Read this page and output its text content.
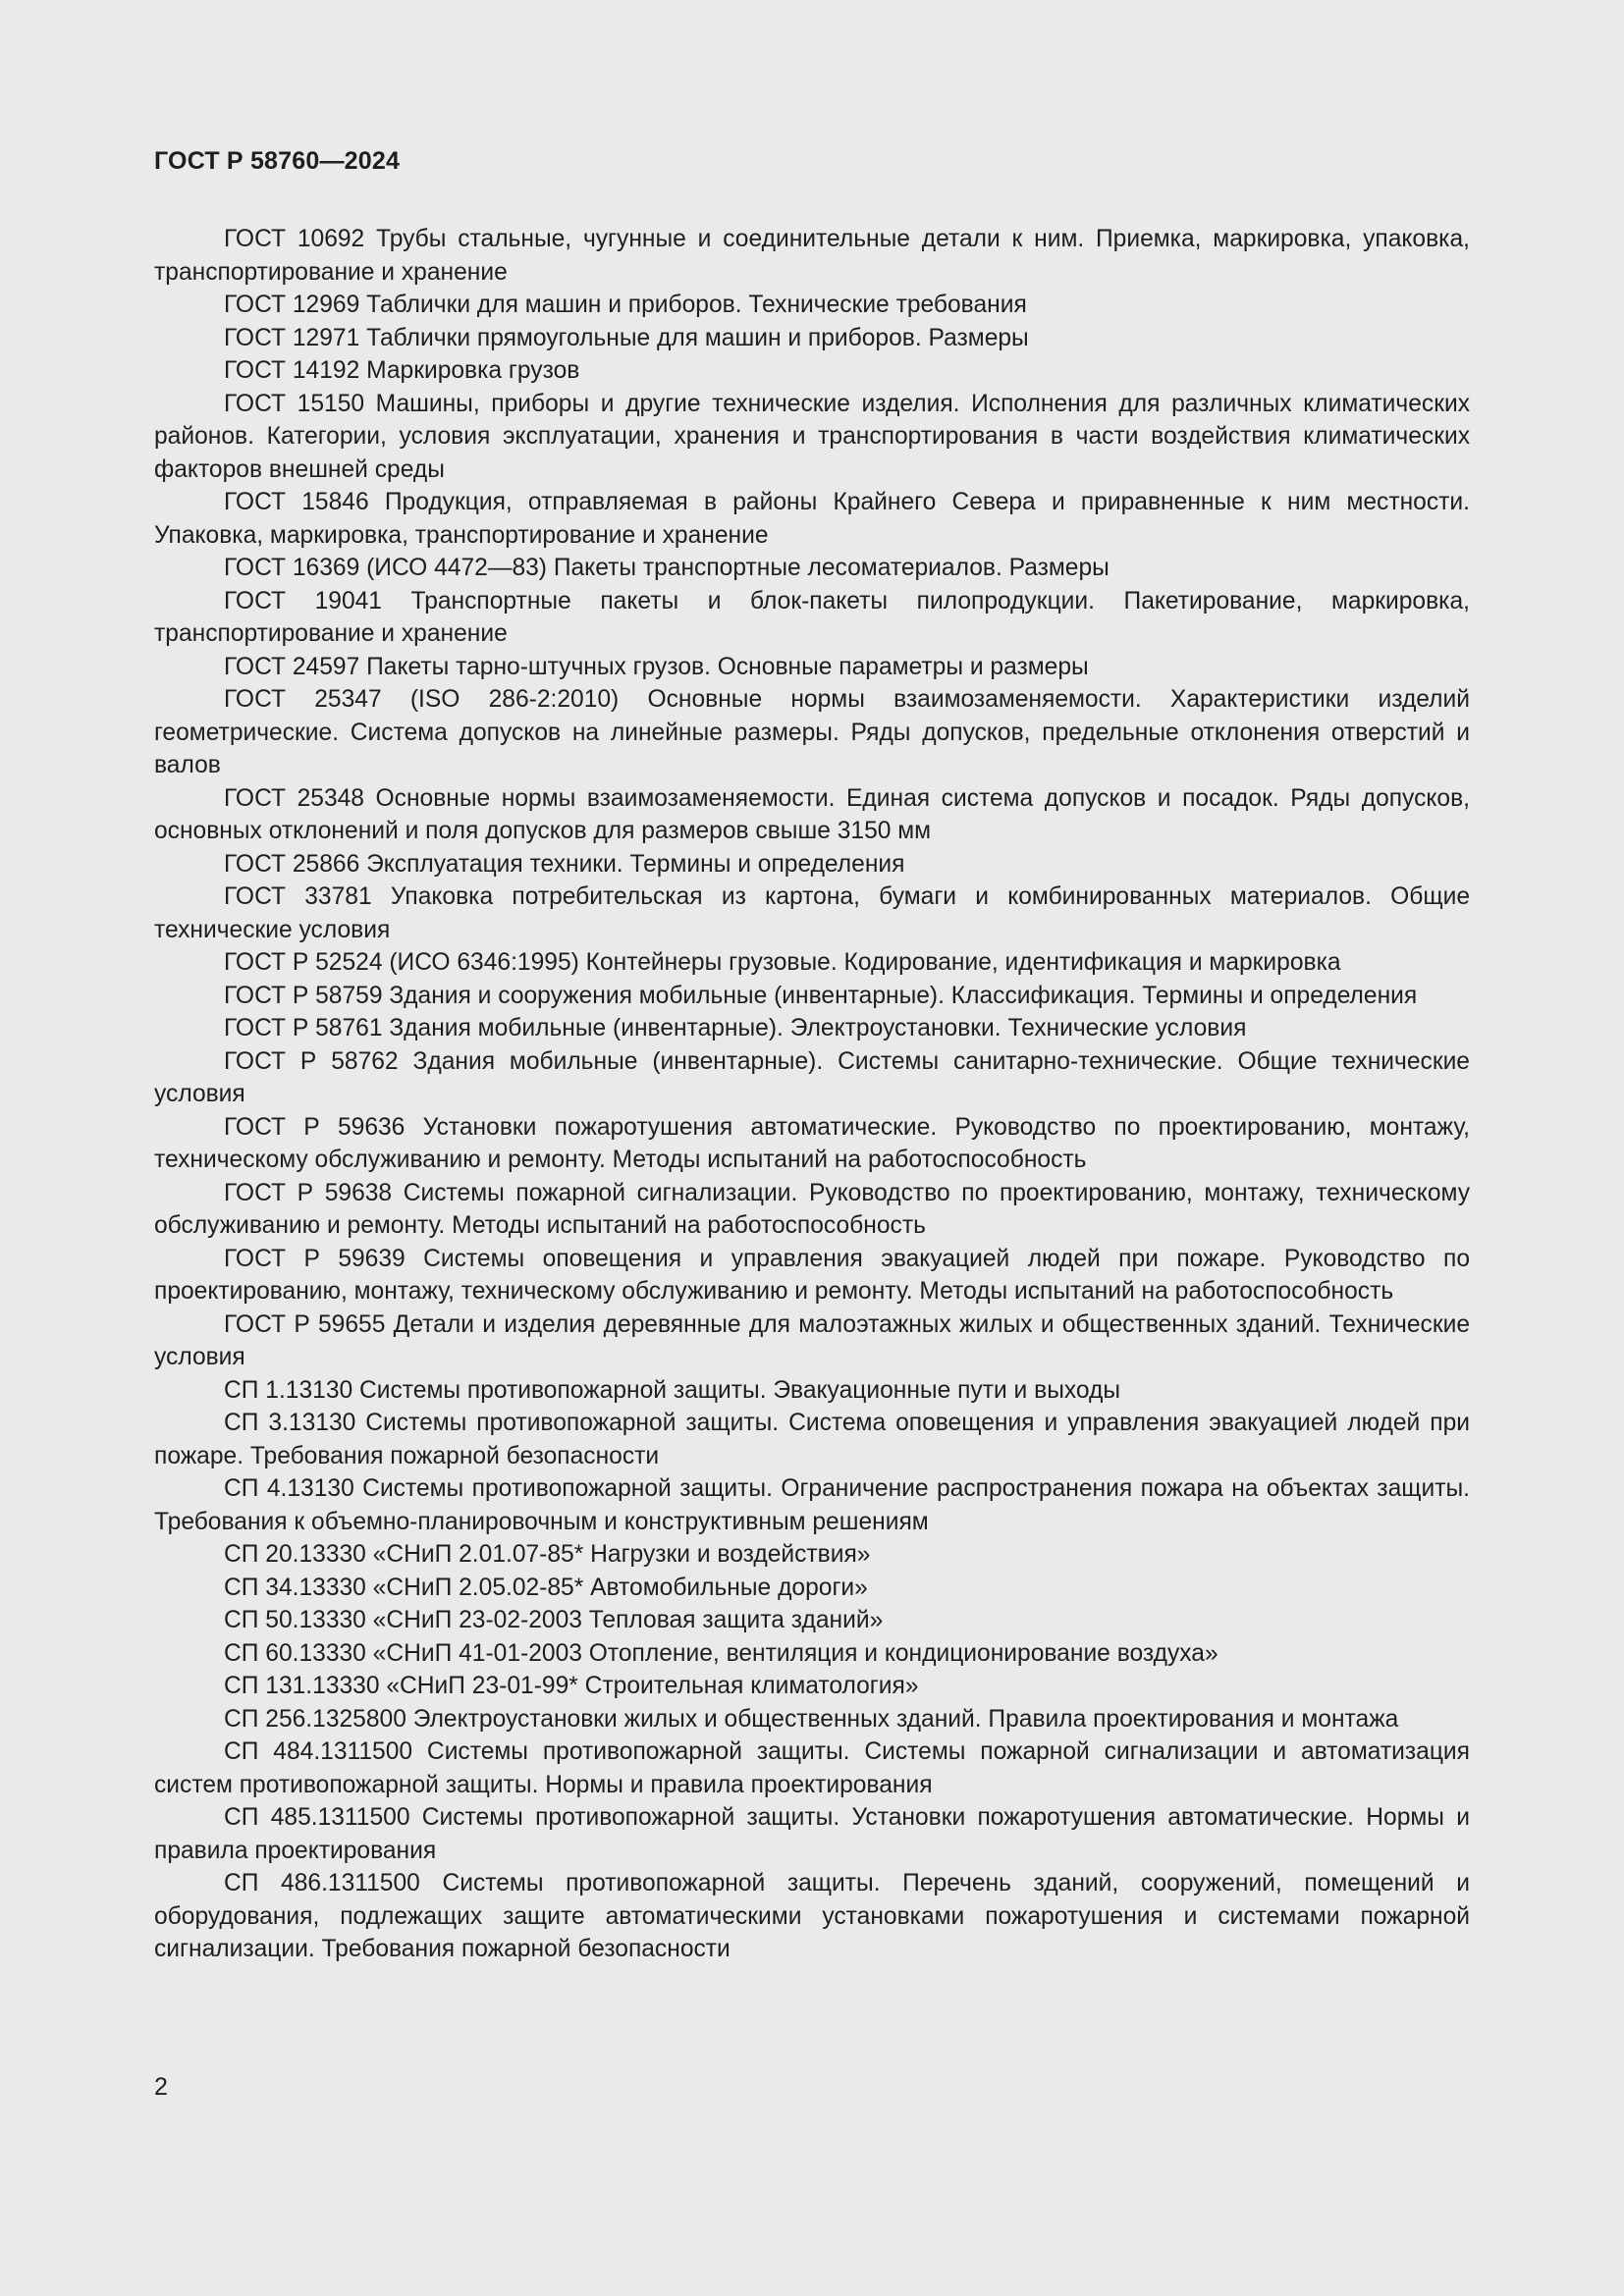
ГОСТ Р 58760—2024

ГОСТ 10692 Трубы стальные, чугунные и соединительные детали к ним. Приемка, маркировка, упаковка, транспортирование и хранение

ГОСТ 12969 Таблички для машин и приборов. Технические требования

ГОСТ 12971 Таблички прямоугольные для машин и приборов. Размеры

ГОСТ 14192 Маркировка грузов

ГОСТ 15150 Машины, приборы и другие технические изделия. Исполнения для различных климатических районов. Категории, условия эксплуатации, хранения и транспортирования в части воздействия климатических факторов внешней среды

ГОСТ 15846 Продукция, отправляемая в районы Крайнего Севера и приравненные к ним местности. Упаковка, маркировка, транспортирование и хранение

ГОСТ 16369 (ИСО 4472—83) Пакеты транспортные лесоматериалов. Размеры

ГОСТ 19041 Транспортные пакеты и блок-пакеты пилопродукции. Пакетирование, маркировка, транспортирование и хранение

ГОСТ 24597 Пакеты тарно-штучных грузов. Основные параметры и размеры

ГОСТ 25347 (ISO 286-2:2010) Основные нормы взаимозаменяемости. Характеристики изделий геометрические. Система допусков на линейные размеры. Ряды допусков, предельные отклонения отверстий и валов

ГОСТ 25348 Основные нормы взаимозаменяемости. Единая система допусков и посадок. Ряды допусков, основных отклонений и поля допусков для размеров свыше 3150 мм

ГОСТ 25866 Эксплуатация техники. Термины и определения

ГОСТ 33781 Упаковка потребительская из картона, бумаги и комбинированных материалов. Общие технические условия

ГОСТ Р 52524 (ИСО 6346:1995) Контейнеры грузовые. Кодирование, идентификация и маркировка

ГОСТ Р 58759 Здания и сооружения мобильные (инвентарные). Классификация. Термины и определения

ГОСТ Р 58761 Здания мобильные (инвентарные). Электроустановки. Технические условия

ГОСТ Р 58762 Здания мобильные (инвентарные). Системы санитарно-технические. Общие технические условия

ГОСТ Р 59636 Установки пожаротушения автоматические. Руководство по проектированию, монтажу, техническому обслуживанию и ремонту. Методы испытаний на работоспособность

ГОСТ Р 59638 Системы пожарной сигнализации. Руководство по проектированию, монтажу, техническому обслуживанию и ремонту. Методы испытаний на работоспособность

ГОСТ Р 59639 Системы оповещения и управления эвакуацией людей при пожаре. Руководство по проектированию, монтажу, техническому обслуживанию и ремонту. Методы испытаний на работоспособность

ГОСТ Р 59655 Детали и изделия деревянные для малоэтажных жилых и общественных зданий. Технические условия

СП 1.13130 Системы противопожарной защиты. Эвакуационные пути и выходы

СП 3.13130 Системы противопожарной защиты. Система оповещения и управления эвакуацией людей при пожаре. Требования пожарной безопасности

СП 4.13130 Системы противопожарной защиты. Ограничение распространения пожара на объектах защиты. Требования к объемно-планировочным и конструктивным решениям

СП 20.13330 «СНиП 2.01.07-85* Нагрузки и воздействия»

СП 34.13330 «СНиП 2.05.02-85* Автомобильные дороги»

СП 50.13330 «СНиП 23-02-2003 Тепловая защита зданий»

СП 60.13330 «СНиП 41-01-2003 Отопление, вентиляция и кондиционирование воздуха»

СП 131.13330 «СНиП 23-01-99* Строительная климатология»

СП 256.1325800 Электроустановки жилых и общественных зданий. Правила проектирования и монтажа

СП 484.1311500 Системы противопожарной защиты. Системы пожарной сигнализации и автоматизация систем противопожарной защиты. Нормы и правила проектирования

СП 485.1311500 Системы противопожарной защиты. Установки пожаротушения автоматические. Нормы и правила проектирования

СП 486.1311500 Системы противопожарной защиты. Перечень зданий, сооружений, помещений и оборудования, подлежащих защите автоматическими установками пожаротушения и системами пожарной сигнализации. Требования пожарной безопасности

2
